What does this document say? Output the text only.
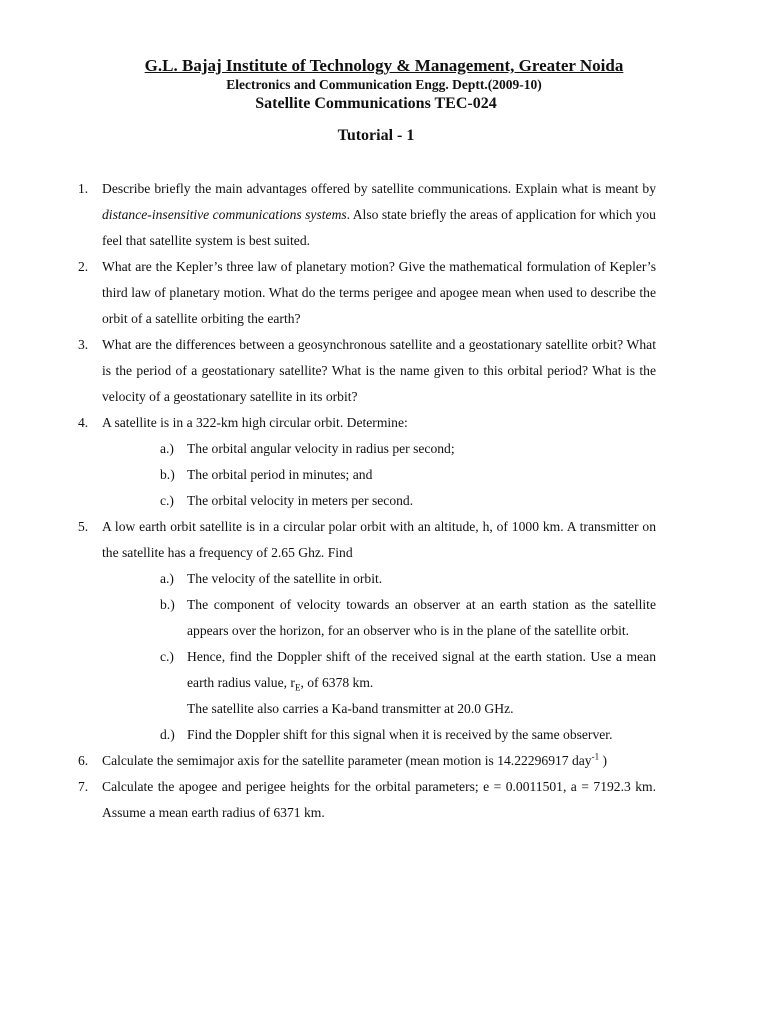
G.L. Bajaj Institute of Technology & Management, Greater Noida
Electronics and Communication Engg. Deptt.(2009-10)
Satellite Communications TEC-024
Tutorial - 1
1.	Describe briefly the main advantages offered by satellite communications. Explain what is meant by distance-insensitive communications systems. Also state briefly the areas of application for which you feel that satellite system is best suited.
2.	What are the Kepler’s three law of planetary motion? Give the mathematical formulation of Kepler’s third law of planetary motion. What do the terms perigee and apogee mean when used to describe the orbit of a satellite orbiting the earth?
3.	What are the differences between a geosynchronous satellite and a geostationary satellite orbit? What is the period of a geostationary satellite? What is the name given to this orbital period? What is the velocity of a geostationary satellite in its orbit?
4.	A satellite is in a 322-km high circular orbit. Determine:
a.) The orbital angular velocity in radius per second;
b.) The orbital period in minutes; and
c.) The orbital velocity in meters per second.
5.	A low earth orbit satellite is in a circular polar orbit with an altitude, h, of 1000 km. A transmitter on the satellite has a frequency of 2.65 Ghz. Find
a.) The velocity of the satellite in orbit.
b.) The component of velocity towards an observer at an earth station as the satellite appears over the horizon, for an observer who is in the plane of the satellite orbit.
c.) Hence, find the Doppler shift of the received signal at the earth station. Use a mean earth radius value, $r_E$, of 6378 km.
The satellite also carries a Ka-band transmitter at 20.0 GHz.
d.) Find the Doppler shift for this signal when it is received by the same observer.
6.	Calculate the semimajor axis for the satellite parameter (mean motion is 14.22296917 day$^{-1}$ )
7.	Calculate the apogee and perigee heights for the orbital parameters; e = 0.0011501, a = 7192.3 km. Assume a mean earth radius of 6371 km.
